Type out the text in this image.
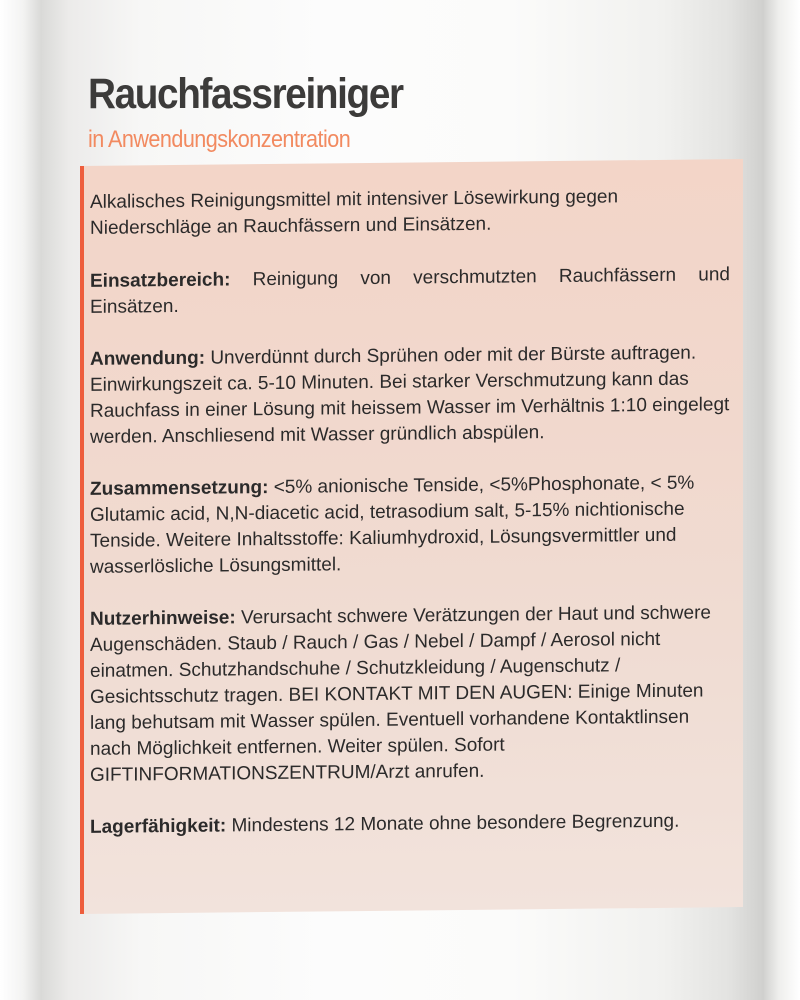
Rauchfassreiniger
in Anwendungskonzentration

Alkalisches Reinigungsmittel mit intensiver Lösewirkung gegen Niederschläge an Rauchfässern und Einsätzen.

Einsatzbereich: Reinigung von verschmutzten Rauchfässern und Einsätzen.

Anwendung: Unverdünnt durch Sprühen oder mit der Bürste auftragen. Einwirkungszeit ca. 5-10 Minuten. Bei starker Verschmutzung kann das Rauchfass in einer Lösung mit heissem Wasser im Verhältnis 1:10 eingelegt werden. Anschliesend mit Wasser gründlich abspülen.

Zusammensetzung: <5% anionische Tenside, <5%Phosphonate, < 5% Glutamic acid, N,N-diacetic acid, tetrasodium salt, 5-15% nichtionische Tenside. Weitere Inhaltsstoffe: Kaliumhydroxid, Lösungsvermittler und wasserlösliche Lösungsmittel.

Nutzerhinweise: Verursacht schwere Verätzungen der Haut und schwere Augenschäden. Staub / Rauch / Gas / Nebel / Dampf / Aerosol nicht einatmen. Schutzhandschuhe / Schutzkleidung / Augenschutz / Gesichtsschutz tragen. BEI KONTAKT MIT DEN AUGEN: Einige Minuten lang behutsam mit Wasser spülen. Eventuell vorhandene Kontaktlinsen nach Möglichkeit entfernen. Weiter spülen. Sofort GIFTINFORMATIONSZENTRUM/Arzt anrufen.

Lagerfähigkeit: Mindestens 12 Monate ohne besondere Begrenzung.
